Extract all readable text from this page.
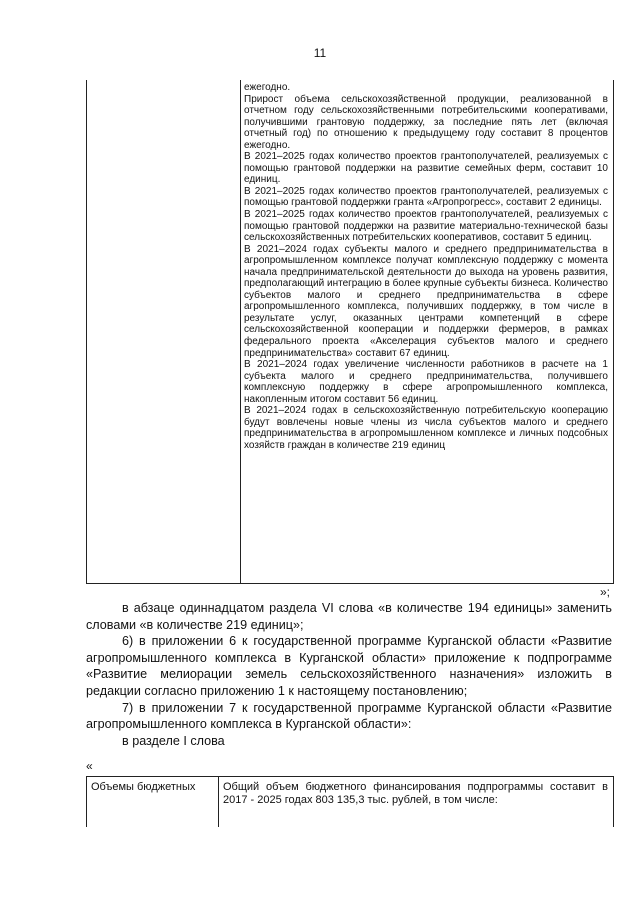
11

ежегодно.

Прирост объема сельскохозяйственной продукции, реализованной в отчетном году сельскохозяйственными потребительскими кооперативами, получившими грантовую поддержку, за последние пять лет (включая отчетный год) по отношению к предыдущему году составит 8 процентов ежегодно.

В 2021–2025 годах количество проектов грантополучателей, реализуемых с помощью грантовой поддержки на развитие семейных ферм, составит 10 единиц.

В 2021–2025 годах количество проектов грантополучателей, реализуемых с помощью грантовой поддержки гранта «Агропрогресс», составит 2 единицы.

В 2021–2025 годах количество проектов грантополучателей, реализуемых с помощью грантовой поддержки на развитие материально-технической базы сельскохозяйственных потребительских кооперативов, составит 5 единиц.

В 2021–2024 годах субъекты малого и среднего предпринимательства в агропромышленном комплексе получат комплексную поддержку с момента начала предпринимательской деятельности до выхода на уровень развития, предполагающий интеграцию в более крупные субъекты бизнеса. Количество субъектов малого и среднего предпринимательства в сфере агропромышленного комплекса, получивших поддержку, в том числе в результате услуг, оказанных центрами компетенций в сфере сельскохозяйственной кооперации и поддержки фермеров, в рамках федерального проекта «Акселерация субъектов малого и среднего предпринимательства» составит 67 единиц.

В 2021–2024 годах увеличение численности работников в расчете на 1 субъекта малого и среднего предпринимательства, получившего комплексную поддержку в сфере агропромышленного комплекса, накопленным итогом составит 56 единиц.

В 2021–2024 годах в сельскохозяйственную потребительскую кооперацию будут вовлечены новые члены из числа субъектов малого и среднего предпринимательства в агропромышленном комплексе и личных подсобных хозяйств граждан в количестве 219 единиц

»;

в абзаце одиннадцатом раздела VI слова «в количестве 194 единицы» заменить словами «в количестве 219 единиц»;

6) в приложении 6 к государственной программе Курганской области «Развитие агропромышленного комплекса в Курганской области» приложение к подпрограмме «Развитие мелиорации земель сельскохозяйственного назначения» изложить в редакции согласно приложению 1 к настоящему постановлению;

7) в приложении 7 к государственной программе Курганской области «Развитие агропромышленного комплекса в Курганской области»:

в разделе I слова

«
Объемы бюджетных	Общий объем бюджетного финансирования подпрограммы составит в 2017 - 2025 годах 803 135,3 тыс. рублей, в том числе:
